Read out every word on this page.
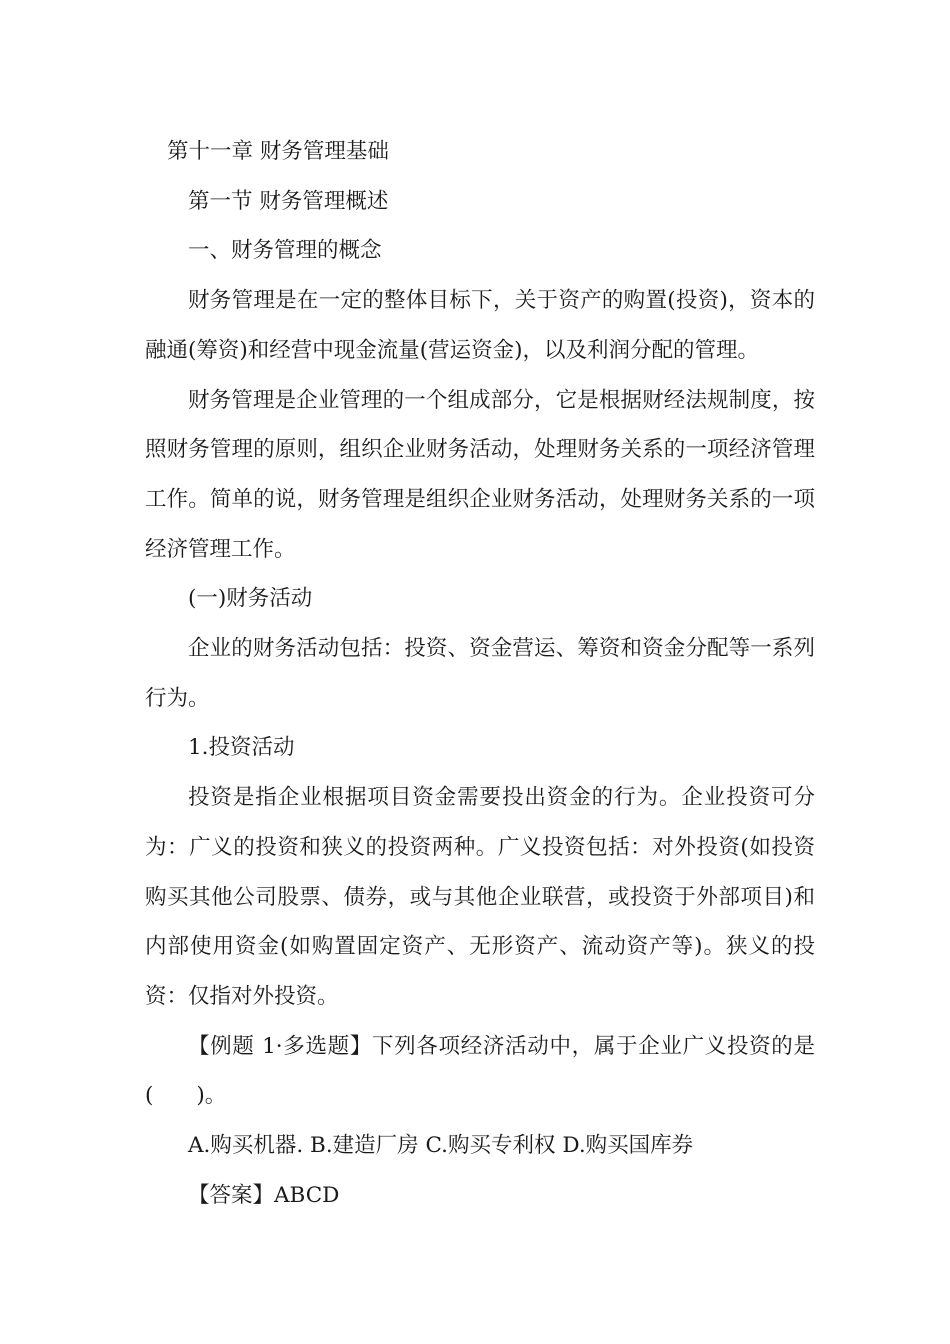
第十一章 财务管理基础

第一节 财务管理概述

一、财务管理的概念

财务管理是在一定的整体目标下，关于资产的购置(投资)，资本的融通(筹资)和经营中现金流量(营运资金)，以及利润分配的管理。

财务管理是企业管理的一个组成部分，它是根据财经法规制度，按照财务管理的原则，组织企业财务活动，处理财务关系的一项经济管理工作。简单的说，财务管理是组织企业财务活动，处理财务关系的一项经济管理工作。

(一)财务活动

企业的财务活动包括：投资、资金营运、筹资和资金分配等一系列行为。

1.投资活动

投资是指企业根据项目资金需要投出资金的行为。企业投资可分为：广义的投资和狭义的投资两种。广义投资包括：对外投资(如投资购买其他公司股票、债券，或与其他企业联营，或投资于外部项目)和内部使用资金(如购置固定资产、无形资产、流动资产等)。狭义的投资：仅指对外投资。

【例题 1·多选题】下列各项经济活动中，属于企业广义投资的是(　　)。

A.购买机器. B.建造厂房 C.购买专利权 D.购买国库券

【答案】ABCD
